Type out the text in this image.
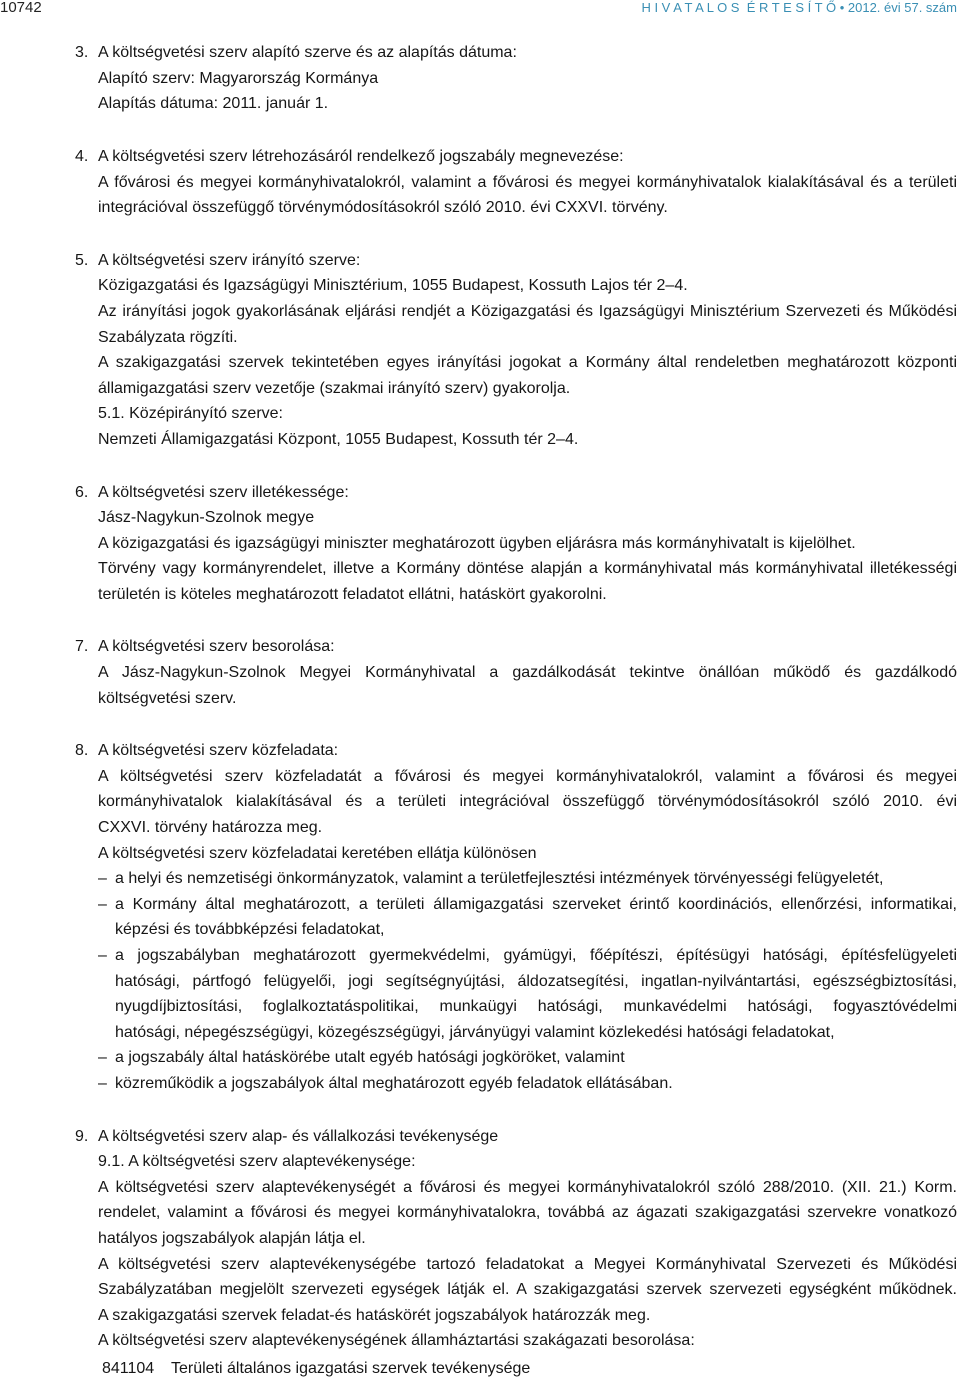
10742	H I V A T A L O S  É R T E S Í T Ő • 2012. évi 57. szám
3. A költségvetési szerv alapító szerve és az alapítás dátuma:
Alapító szerv: Magyarország Kormánya
Alapítás dátuma: 2011. január 1.
4. A költségvetési szerv létrehozásáról rendelkező jogszabály megnevezése:
A fővárosi és megyei kormányhivatalokról, valamint a fővárosi és megyei kormányhivatalok kialakításával és a területi
integrációval összefüggő törvénymódosításokról szóló 2010. évi CXXVI. törvény.
5. A költségvetési szerv irányító szerve:
Közigazgatási és Igazságügyi Minisztérium, 1055 Budapest, Kossuth Lajos tér 2–4.
Az irányítási jogok gyakorlásának eljárási rendjét a Közigazgatási és Igazságügyi Minisztérium Szervezeti és Működési
Szabályzata rögzíti.
A szakigazgatási szervek tekintetében egyes irányítási jogokat a Kormány által rendeletben meghatározott központi
államigazgatási szerv vezetője (szakmai irányító szerv) gyakorolja.
5.1. Középirányító szerve:
Nemzeti Államigazgatási Központ, 1055 Budapest, Kossuth tér 2–4.
6. A költségvetési szerv illetékessége:
Jász-Nagykun-Szolnok megye
A közigazgatási és igazságügyi miniszter meghatározott ügyben eljárásra más kormányhivatalt is kijelölhet.
Törvény vagy kormányrendelet, illetve a Kormány döntése alapján a kormányhivatal más kormányhivatal illetékességi
területén is köteles meghatározott feladatot ellátni, hatáskört gyakorolni.
7. A költségvetési szerv besorolása:
A Jász-Nagykun-Szolnok Megyei Kormányhivatal a gazdálkodását tekintve önállóan működő és gazdálkodó
költségvetési szerv.
8. A költségvetési szerv közfeladata:
A költségvetési szerv közfeladatát a fővárosi és megyei kormányhivatalokról, valamint a fővárosi és megyei
kormányhivatalok kialakításával és a területi integrációval összefüggő törvénymódosításokról szóló 2010. évi
CXXVI. törvény határozza meg.
A költségvetési szerv közfeladatai keretében ellátja különösen
– a helyi és nemzetiségi önkormányzatok, valamint a területfejlesztési intézmények törvényességi felügyeletét,
– a Kormány által meghatározott, a területi államigazgatási szerveket érintő koordinációs, ellenőrzési, informatikai,
képzési és továbbképzési feladatokat,
– a jogszabályban meghatározott gyermekvédelmi, gyámügyi, főépítészi, építésügyi hatósági, építésfelügyeleti
hatósági, pártfogó felügyelői, jogi segítségnyújtási, áldozatsegítési, ingatlan-nyilvántartási, egészségbiztosítási,
nyugdíjbiztosítási, foglalkoztatáspolitikai, munkaügyi hatósági, munkavédelmi hatósági, fogyasztóvédelmi
hatósági, népegészségügyi, közegészségügyi, járványügyi valamint közlekedési hatósági feladatokat,
– a jogszabály által hatáskörébe utalt egyéb hatósági jogköröket, valamint
– közreműködik a jogszabályok által meghatározott egyéb feladatok ellátásában.
9. A költségvetési szerv alap- és vállalkozási tevékenysége
9.1. A költségvetési szerv alaptevékenysége:
A költségvetési szerv alaptevékenységét a fővárosi és megyei kormányhivatalokról szóló 288/2010. (XII. 21.) Korm.
rendelet, valamint a fővárosi és megyei kormányhivatalokra, továbbá az ágazati szakigazgatási szervekre vonatkozó
hatályos jogszabályok alapján látja el.
A költségvetési szerv alaptevékenységébe tartozó feladatokat a Megyei Kormányhivatal Szervezeti és Működési
Szabályzatában megjelölt szervezeti egységek látják el. A szakigazgatási szervek szervezeti egységként működnek.
A szakigazgatási szervek feladat-és hatáskörét jogszabályok határozzák meg.
A költségvetési szerv alaptevékenységének államháztartási szakágazati besorolása:
841104 Területi általános igazgatási szervek tevékenysége
